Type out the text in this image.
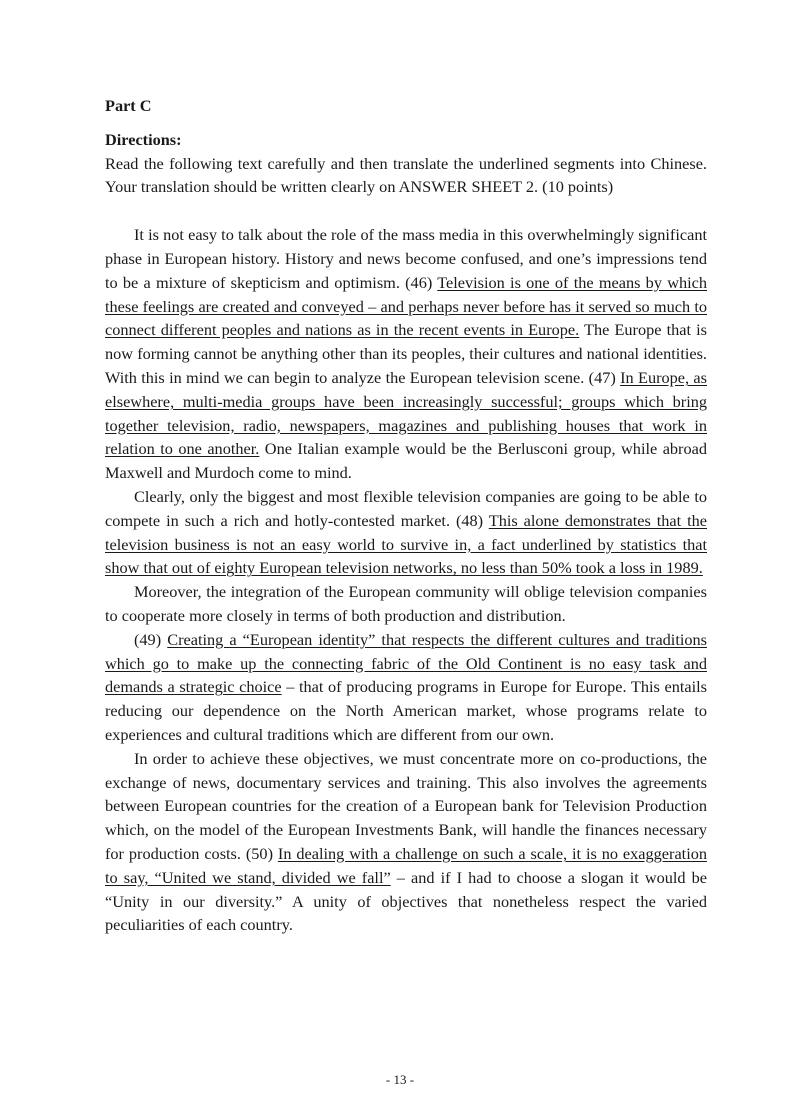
Part C

Directions:

Read the following text carefully and then translate the underlined segments into Chinese. Your translation should be written clearly on ANSWER SHEET 2. (10 points)

It is not easy to talk about the role of the mass media in this overwhelmingly significant phase in European history. History and news become confused, and one’s impressions tend to be a mixture of skepticism and optimism. (46) Television is one of the means by which these feelings are created and conveyed – and perhaps never before has it served so much to connect different peoples and nations as in the recent events in Europe. The Europe that is now forming cannot be anything other than its peoples, their cultures and national identities. With this in mind we can begin to analyze the European television scene. (47) In Europe, as elsewhere, multi-media groups have been increasingly successful; groups which bring together television, radio, newspapers, magazines and publishing houses that work in relation to one another. One Italian example would be the Berlusconi group, while abroad Maxwell and Murdoch come to mind.

Clearly, only the biggest and most flexible television companies are going to be able to compete in such a rich and hotly-contested market. (48) This alone demonstrates that the television business is not an easy world to survive in, a fact underlined by statistics that show that out of eighty European television networks, no less than 50% took a loss in 1989.

Moreover, the integration of the European community will oblige television companies to cooperate more closely in terms of both production and distribution.

(49) Creating a “European identity” that respects the different cultures and traditions which go to make up the connecting fabric of the Old Continent is no easy task and demands a strategic choice – that of producing programs in Europe for Europe. This entails reducing our dependence on the North American market, whose programs relate to experiences and cultural traditions which are different from our own.

In order to achieve these objectives, we must concentrate more on co-productions, the exchange of news, documentary services and training. This also involves the agreements between European countries for the creation of a European bank for Television Production which, on the model of the European Investments Bank, will handle the finances necessary for production costs. (50) In dealing with a challenge on such a scale, it is no exaggeration to say, “United we stand, divided we fall” – and if I had to choose a slogan it would be “Unity in our diversity.” A unity of objectives that nonetheless respect the varied peculiarities of each country.

- 13 -
